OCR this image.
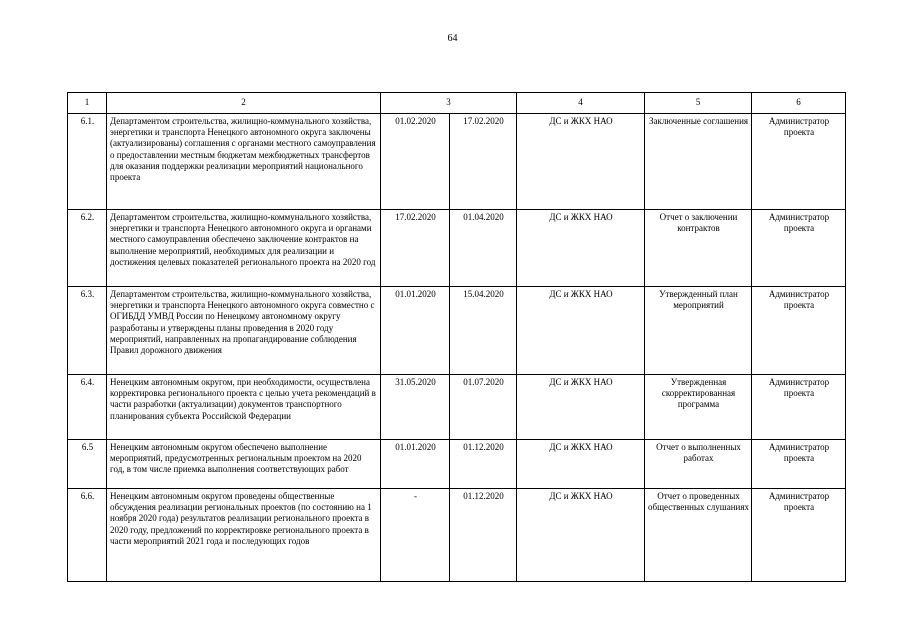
64
1	2	3		4	5	6
6.1.	Департаментом строительства, жилищно-коммунального хозяйства, энергетики и транспорта Ненецкого автономного округа заключены (актуализированы) соглашения с органами местного самоуправления о предоставлении местным бюджетам межбюджетных трансфертов для оказания поддержки реализации мероприятий национального проекта	01.02.2020	17.02.2020	ДС и ЖКХ НАО	Заключенные соглашения	Администратор проекта
6.2.	Департаментом строительства, жилищно-коммунального хозяйства, энергетики и транспорта Ненецкого автономного округа и органами местного самоуправления обеспечено заключение контрактов на выполнение мероприятий, необходимых для реализации и достижения целевых показателей регионального проекта на 2020 год	17.02.2020	01.04.2020	ДС и ЖКХ НАО	Отчет о заключении контрактов	Администратор проекта
6.3.	Департаментом строительства, жилищно-коммунального хозяйства, энергетики и транспорта Ненецкого автономного округа совместно с ОГИБДД УМВД России по Ненецкому автономному округу разработаны и утверждены планы проведения в 2020 году мероприятий, направленных на пропагандирование соблюдения Правил дорожного движения	01.01.2020	15.04.2020	ДС и ЖКХ НАО	Утвержденный план мероприятий	Администратор проекта
6.4.	Ненецким автономным округом, при необходимости, осуществлена корректировка регионального проекта с целью учета рекомендаций в части разработки (актуализации) документов транспортного планирования субъекта Российской Федерации	31.05.2020	01.07.2020	ДС и ЖКХ НАО	Утвержденная скорректированная программа	Администратор проекта
6.5	Ненецким автономным округом обеспечено выполнение мероприятий, предусмотренных региональным проектом на 2020 год, в том числе приемка выполнения соответствующих работ	01.01.2020	01.12.2020	ДС и ЖКХ НАО	Отчет о выполненных работах	Администратор проекта
6.6.	Ненецким автономным округом проведены общественные обсуждения реализации региональных проектов (по состоянию на 1 ноября 2020 года) результатов реализации регионального проекта в 2020 году, предложений по корректировке регионального проекта в части мероприятий 2021 года и последующих годов	-	01.12.2020	ДС и ЖКХ НАО	Отчет о проведенных общественных слушаниях	Администратор проекта
